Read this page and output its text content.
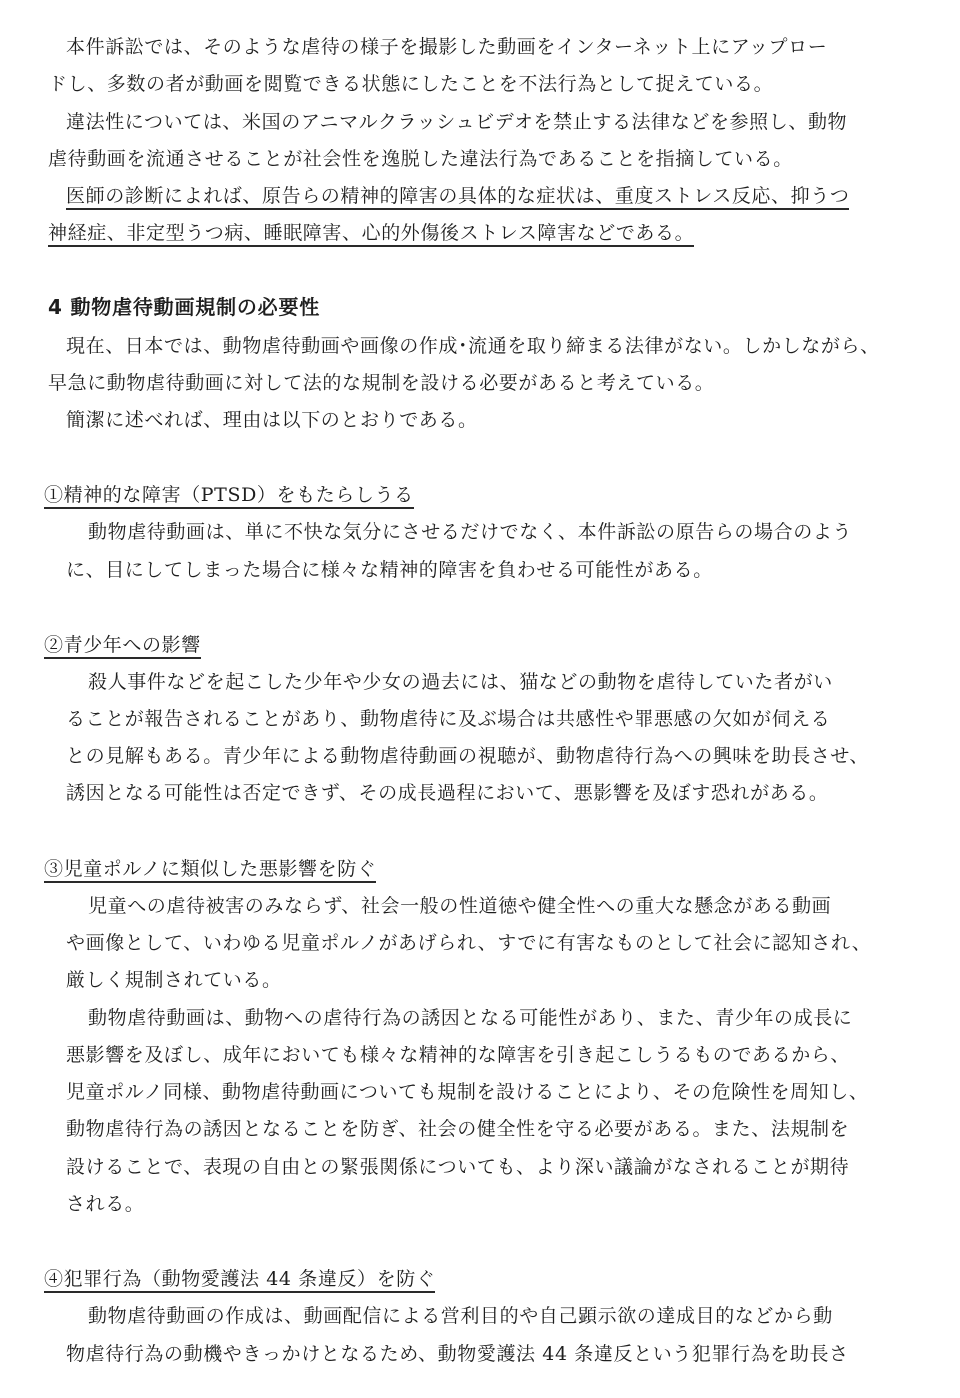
本件訴訟では、そのような虐待の様子を撮影した動画をインターネット上にアップロー
ドし、多数の者が動画を閲覧できる状態にしたことを不法行為として捉えている。
違法性については、米国のアニマルクラッシュビデオを禁止する法律などを参照し、動物
虐待動画を流通させることが社会性を逸脱した違法行為であることを指摘している。
医師の診断によれば、原告らの精神的障害の具体的な症状は、重度ストレス反応、抑うつ
神経症、非定型うつ病、睡眠障害、心的外傷後ストレス障害などである。
4 動物虐待動画規制の必要性
現在、日本では、動物虐待動画や画像の作成･流通を取り締まる法律がない。しかしながら、
早急に動物虐待動画に対して法的な規制を設ける必要があると考えている。
簡潔に述べれば、理由は以下のとおりである。
①精神的な障害（PTSD）をもたらしうる
動物虐待動画は、単に不快な気分にさせるだけでなく、本件訴訟の原告らの場合のよう
に、目にしてしまった場合に様々な精神的障害を負わせる可能性がある。
②青少年への影響
殺人事件などを起こした少年や少女の過去には、猫などの動物を虐待していた者がい
ることが報告されることがあり、動物虐待に及ぶ場合は共感性や罪悪感の欠如が伺える
との見解もある。青少年による動物虐待動画の視聴が、動物虐待行為への興味を助長させ、
誘因となる可能性は否定できず、その成長過程において、悪影響を及ぼす恐れがある。
③児童ポルノに類似した悪影響を防ぐ
児童への虐待被害のみならず、社会一般の性道徳や健全性への重大な懸念がある動画
や画像として、いわゆる児童ポルノがあげられ、すでに有害なものとして社会に認知され、
厳しく規制されている。
動物虐待動画は、動物への虐待行為の誘因となる可能性があり、また、青少年の成長に
悪影響を及ぼし、成年においても様々な精神的な障害を引き起こしうるものであるから、
児童ポルノ同様、動物虐待動画についても規制を設けることにより、その危険性を周知し、
動物虐待行為の誘因となることを防ぎ、社会の健全性を守る必要がある。また、法規制を
設けることで、表現の自由との緊張関係についても、より深い議論がなされることが期待
される。
④犯罪行為（動物愛護法 44 条違反）を防ぐ
動物虐待動画の作成は、動画配信による営利目的や自己顕示欲の達成目的などから動
物虐待行為の動機やきっかけとなるため、動物愛護法 44 条違反という犯罪行為を助長さ
